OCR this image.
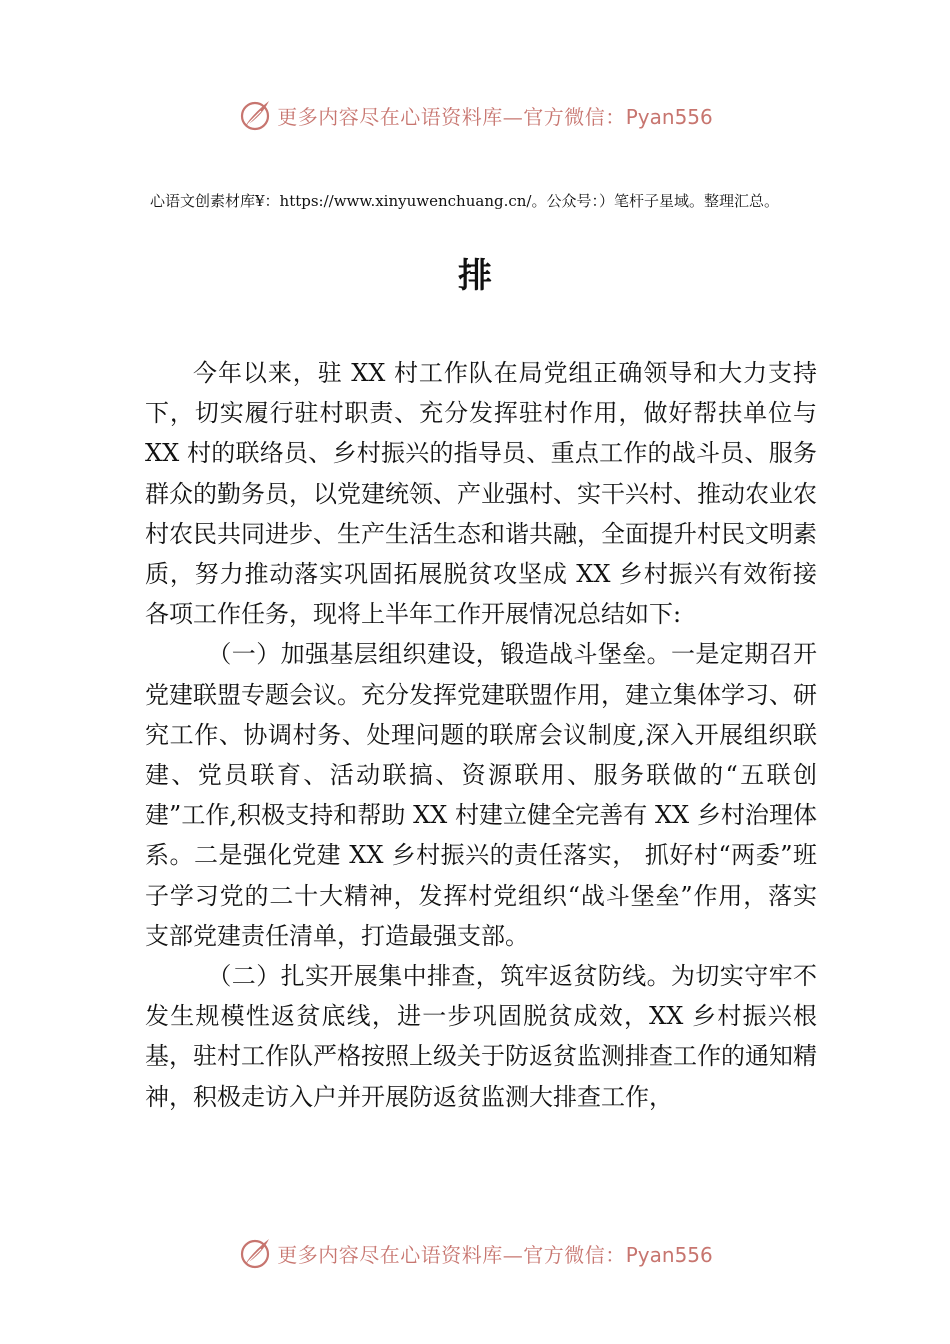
更多内容尽在心语资料库—官方微信：Pyan556
心语文创素材库¥：https://www.xinyuwenchuang.cn/。公众号：）笔杆子星域。整理汇总。
排

今年以来，驻 XX 村工作队在局党组正确领导和大力支持下，切实履行驻村职责、充分发挥驻村作用，做好帮扶单位与 XX 村的联络员、乡村振兴的指导员、重点工作的战斗员、服务群众的勤务员，以党建统领、产业强村、实干兴村、推动农业农村农民共同进步、生产生活生态和谐共融，全面提升村民文明素质，努力推动落实巩固拓展脱贫攻坚成 XX 乡村振兴有效衔接各项工作任务，现将上半年工作开展情况总结如下:

（一）加强基层组织建设，锻造战斗堡垒。一是定期召开党建联盟专题会议。充分发挥党建联盟作用，建立集体学习、研究工作、协调村务、处理问题的联席会议制度,深入开展组织联建、党员联育、活动联搞、资源联用、服务联做的“五联创建”工作,积极支持和帮助 XX 村建立健全完善有 XX 乡村治理体系。二是强化党建 XX 乡村振兴的责任落实， 抓好村“两委”班子学习党的二十大精神，发挥村党组织“战斗堡垒”作用，落实支部党建责任清单，打造最强支部。

（二）扎实开展集中排查，筑牢返贫防线。为切实守牢不发生规模性返贫底线，进一步巩固脱贫成效，XX 乡村振兴根基，驻村工作队严格按照上级关于防返贫监测排查工作的通知精神，积极走访入户并开展防返贫监测大排查工作，

更多内容尽在心语资料库—官方微信：Pyan556
